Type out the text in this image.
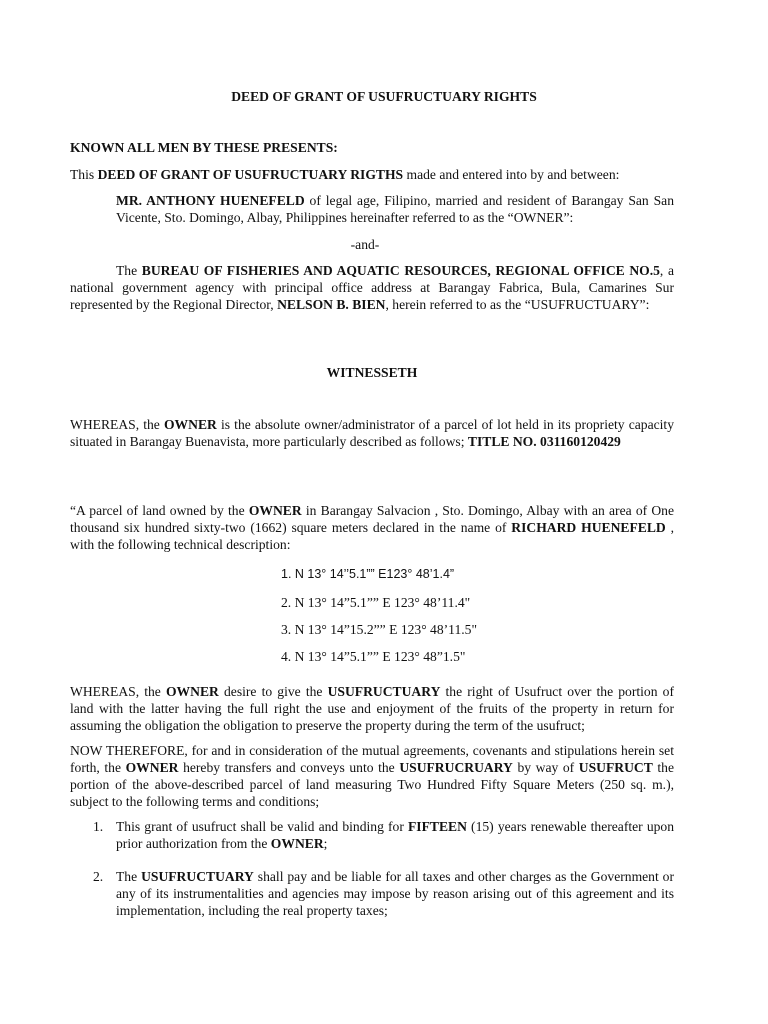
DEED OF GRANT OF USUFRUCTUARY RIGHTS
KNOWN ALL MEN BY THESE PRESENTS:
This DEED OF GRANT OF USUFRUCTUARY RIGTHS made and entered into by and between:
MR. ANTHONY HUENEFELD of legal age, Filipino, married and resident of Barangay San San Vicente, Sto. Domingo, Albay, Philippines hereinafter referred to as the “OWNER”:
-and-
The BUREAU OF FISHERIES AND AQUATIC RESOURCES, REGIONAL OFFICE NO.5, a national government agency with principal office address at Barangay Fabrica, Bula, Camarines Sur represented by the Regional Director, NELSON B. BIEN, herein referred to as the “USUFRUCTUARY”:
WITNESSETH
WHEREAS, the OWNER is the absolute owner/administrator of a parcel of lot held in its propriety capacity situated in Barangay Buenavista, more particularly described as follows; TITLE NO. 031160120429
“A parcel of land owned by the OWNER in Barangay Salvacion , Sto. Domingo, Albay with an area of One thousand six hundred sixty-two (1662) square meters declared in the name of RICHARD HUENEFELD , with the following technical description:
1. N 13° 14’’5.1”” E123° 48’1.4”
2. N 13° 14”5.1”” E 123° 48’11.4"
3. N 13° 14”15.2”” E 123° 48’11.5"
4. N 13° 14”5.1”” E 123° 48”1.5"
WHEREAS, the OWNER desire to give the USUFRUCTUARY the right of Usufruct over the portion of land with the latter having the full right the use and enjoyment of the fruits of the property in return for assuming the obligation the obligation to preserve the property during the term of the usufruct;
NOW THEREFORE, for and in consideration of the mutual agreements, covenants and stipulations herein set forth, the OWNER hereby transfers and conveys unto the USUFRUCRUARY by way of USUFRUCT the portion of the above-described parcel of land measuring Two Hundred Fifty Square Meters (250 sq. m.), subject to the following terms and conditions;
1. This grant of usufruct shall be valid and binding for FIFTEEN (15) years renewable thereafter upon prior authorization from the OWNER;
2. The USUFRUCTUARY shall pay and be liable for all taxes and other charges as the Government or any of its instrumentalities and agencies may impose by reason arising out of this agreement and its implementation, including the real property taxes;
